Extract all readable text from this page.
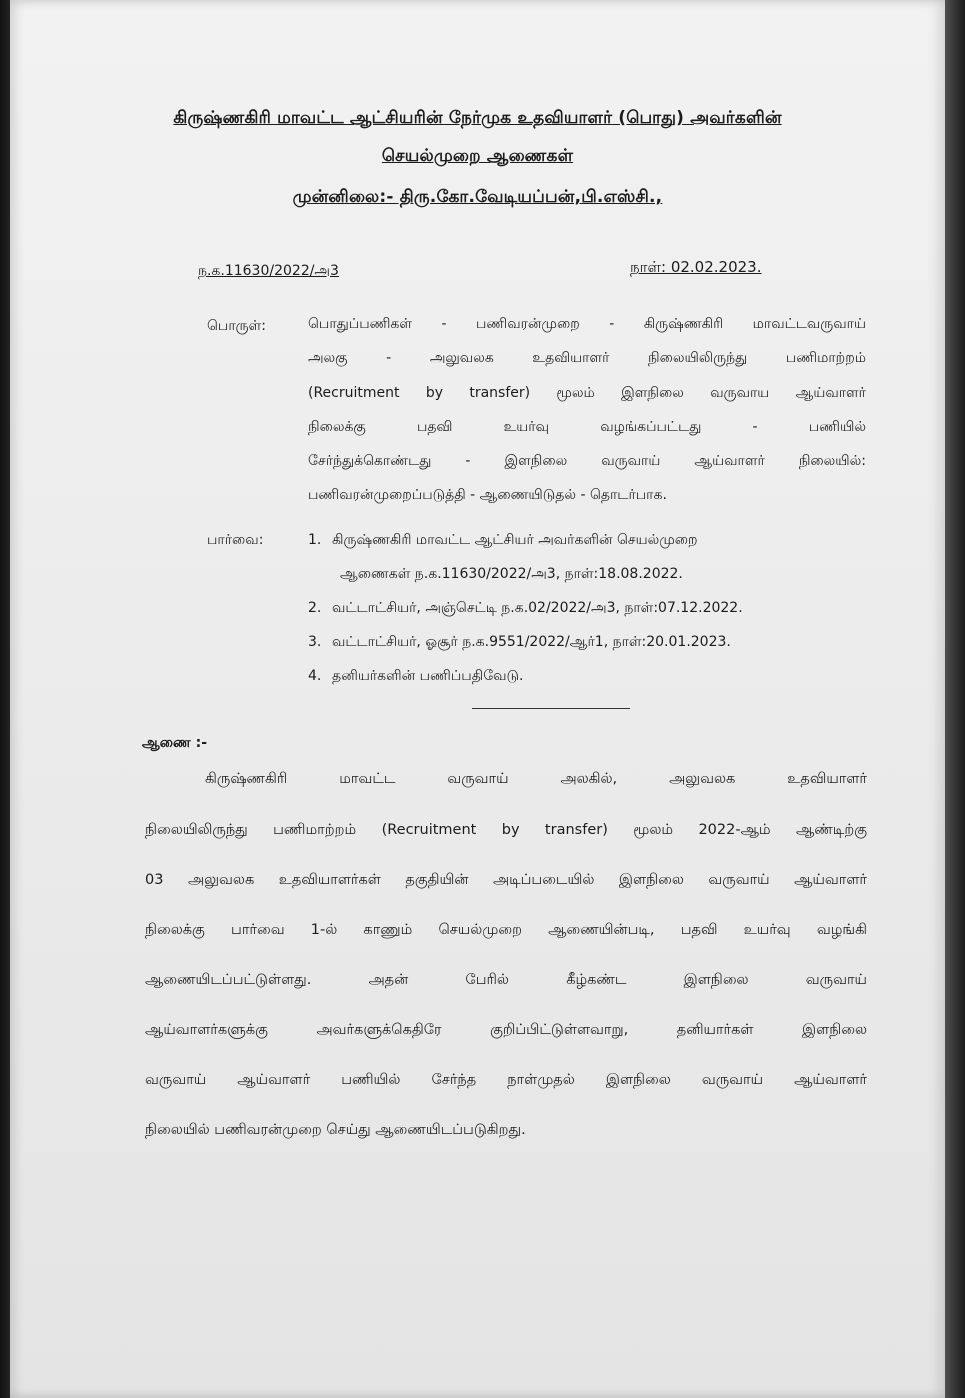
கிருஷ்ணகிரி மாவட்ட ஆட்சியரின் நேர்முக உதவியாளர் (பொது) அவர்களின்
செயல்முறை ஆணைகள்
முன்னிலை:- திரு.கோ.வேடியப்பன்,பி.எஸ்சி.,
ந.க.11630/2022/அ3	நாள்: 02.02.2023.
பொருள்:	பொதுப்பணிகள் - பணிவரன்முறை - கிருஷ்ணகிரி மாவட்டவருவாய்
அலகு - அலுவலக உதவியாளர் நிலையிலிருந்து பணிமாற்றம்
(Recruitment by transfer) மூலம் இளநிலை வருவாய ஆய்வாளர்
நிலைக்கு பதவி உயர்வு வழங்கப்பட்டது - பணியில்
சேர்ந்துக்கொண்டது - இளநிலை வருவாய் ஆய்வாளர் நிலையில்:
பணிவரன்முறைப்படுத்தி - ஆணையிடுதல் - தொடர்பாக.
பார்வை:	1. கிருஷ்ணகிரி மாவட்ட ஆட்சியர் அவர்களின் செயல்முறை
ஆணைகள் ந.க.11630/2022/அ3, நாள்:18.08.2022.
2. வட்டாட்சியர், அஞ்செட்டி ந.க.02/2022/அ3, நாள்:07.12.2022.
3. வட்டாட்சியர், ஓசூர் ந.க.9551/2022/ஆர்1, நாள்:20.01.2023.
4. தனியர்களின் பணிப்பதிவேடு.
ஆணை :-
கிருஷ்ணகிரி மாவட்ட வருவாய் அலகில், அலுவலக உதவியாளர்
நிலையிலிருந்து பணிமாற்றம் (Recruitment by transfer) மூலம் 2022-ஆம் ஆண்டிற்கு
03 அலுவலக உதவியாளர்கள் தகுதியின் அடிப்படையில் இளநிலை வருவாய் ஆய்வாளர்
நிலைக்கு பார்வை 1-ல் காணும் செயல்முறை ஆணையின்படி, பதவி உயர்வு வழங்கி
ஆணையிடப்பட்டுள்ளது. அதன் பேரில் கீழ்கண்ட இளநிலை வருவாய்
ஆய்வாளர்களுக்கு அவர்களுக்கெதிரே குறிப்பிட்டுள்ளவாறு, தனியார்கள் இளநிலை
வருவாய் ஆய்வாளர் பணியில் சேர்ந்த நாள்முதல் இளநிலை வருவாய் ஆய்வாளர்
நிலையில் பணிவரன்முறை செய்து ஆணையிடப்படுகிறது.
